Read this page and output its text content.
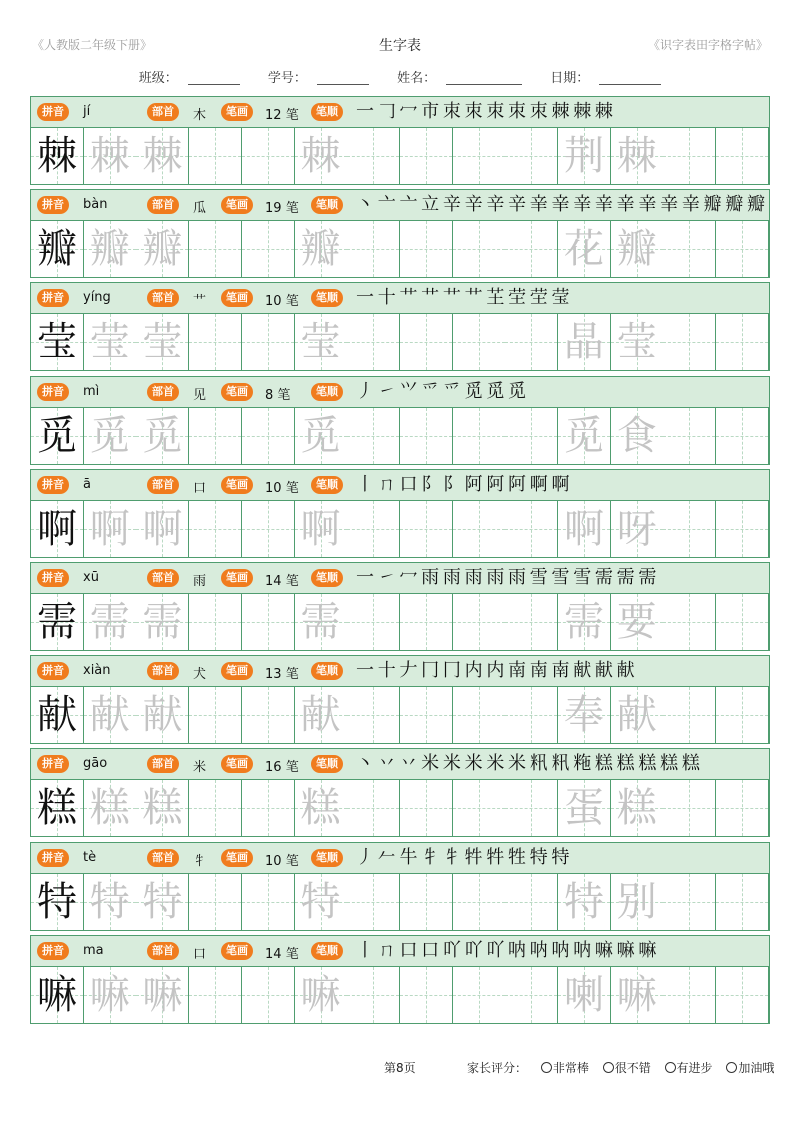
《人教版二年级下册》	生字表	《识字表田字格字帖》
班级：	学号：	姓名：	日期：
拼音	jí	部首	木	笔画	12 笔	笔顺 一 𠃌 冖 市 朿 朿 朿 朿 朿 棘 棘 棘
棘 棘 棘	棘	荆 棘
拼音	bàn	部首	瓜	笔画	19 笔	笔顺 丶 亠 亠 立 辛 辛 辛 辛 𨐌 𨐌 𨐌 𨐌 𨐌 𨐌 𨐌 𨐌 瓣 瓣 瓣
瓣 瓣 瓣	瓣	花 瓣
拼音	yíng	部首	艹	笔画	10 笔	笔顺 一 十 艹 艹 艹 艹 芏 茔 茔 莹
莹 莹 莹	莹	晶 莹
拼音	mì	部首	见	笔画	8 笔	笔顺 丿 ㇀ ⺍ 爫 爫 觅 觅 觅
觅 觅 觅	觅	觅 食
拼音	ā	部首	口	笔画	10 笔	笔顺 丨 ㄇ 口 ⻖ 阝 阿 阿 阿 啊 啊
啊 啊 啊	啊	啊 呀
拼音	xū	部首	雨	笔画	14 笔	笔顺 一 ㇀ 冖 雨 雨 雨 雨 雨 雪 雪 雪 需 需 需
需 需 需	需	需 要
拼音	xiàn	部首	犬	笔画	13 笔	笔顺 一 十 𠂇 冂 冂 内 内 南 南 南 献 献 献
献 献 献	献	奉 献
拼音	gāo	部首	米	笔画	16 笔	笔顺 丶 丷 丷 米 米 米 米 米 籸 籸 粚 糕 糕 糕 糕 糕
糕 糕 糕	糕	蛋 糕
拼音	tè	部首	牜	笔画	10 笔	笔顺 丿 𠂉 牛 牜 牜 牪 牪 牲 特 特
特 特 特	特	特 别
拼音	ma	部首	口	笔画	14 笔	笔顺 丨 ㄇ 口 口 吖 吖 吖 呐 呐 呐 呐 嘛 嘛 嘛
嘛 嘛 嘛	嘛	喇 嘛
第8页	家长评分： 非常棒 很不错 有进步 加油哦
